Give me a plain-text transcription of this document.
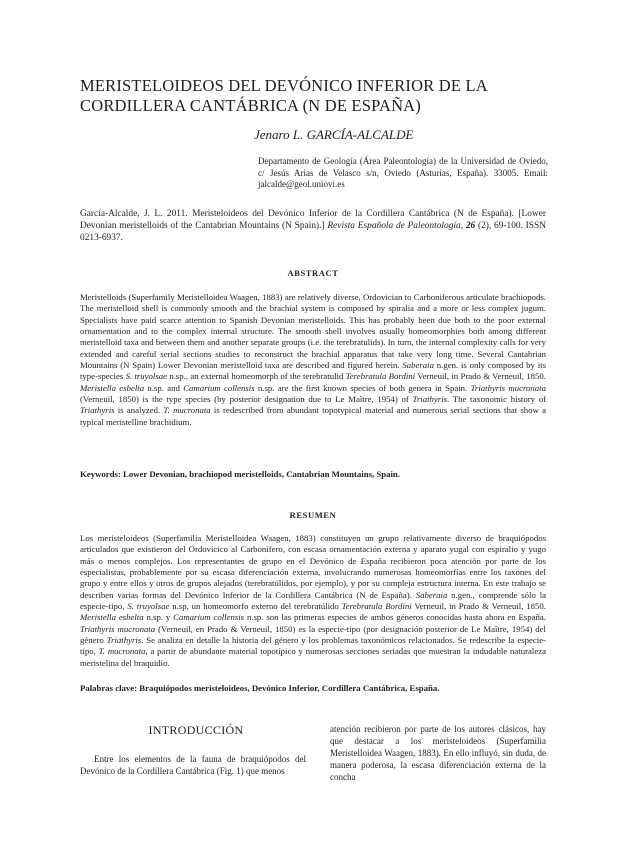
MERISTELOIDEOS DEL DEVÓNICO INFERIOR DE LA CORDILLERA CANTÁBRICA (N DE ESPAÑA)

Jenaro L. GARCÍA-ALCALDE

Departamento de Geología (Área Paleontología) de la Universidad de Oviedo, c/ Jesús Arias de Velasco s/n, Oviedo (Asturias, España). 33005. Email: jalcalde@geol.uniovi.es

García-Alcalde, J. L. 2011. Meristeloideos del Devónico Inferior de la Cordillera Cantábrica (N de España). [Lower Devonian meristelloids of the Cantabrian Mountains (N Spain).] Revista Española de Paleontología, 26 (2), 69-100. ISSN 0213-6937.

ABSTRACT

Meristelloids (Superfamily Meristelloidea Waagen, 1883) are relatively diverse, Ordovician to Carboniferous articulate brachiopods. The meristelloid shell is commonly smooth and the brachial system is composed by spiralia and a more or less complex jugum. Specialists have paid scarce attention to Spanish Devonian meristelloids. This has probably been due both to the poor external ornamentation and to the complex internal structure. The smooth shell involves usually homeomorphies both among different meristelloid taxa and between them and another separate groups (i.e. the terebratulids). In turn, the internal complexity calls for very extended and careful serial sections studies to reconstruct the brachial apparatus that take very long time. Several Cantabrian Mountains (N Spain) Lower Devonian meristelloid taxa are described and figured herein. Saberaia n.gen. is only composed by its type-species S. truyolsae n.sp., an external homeomorph of the terebratulid Terebratula Bordini Verneuil, in Prado & Verneuil, 1850. Meristella esbelta n.sp. and Camarium collensis n.sp. are the first known species of both genera in Spain. Triathyris mucronata (Verneuil, 1850) is the type species (by posterior designation due to Le Maître, 1954) of Triathyris. The taxonomic history of Triathyris is analyzed. T. mucronata is redescribed from abundant topotypical material and numerous serial sections that show a typical meristelline brachidium.

Keywords: Lower Devonian, brachiopod meristelloids, Cantabrian Mountains, Spain.

RESUMEN

Los meristeloideos (Superfamilia Meristelloidea Waagen, 1883) constituyen un grupo relativamente diverso de braquiópodos articulados que existieron del Ordovícico al Carbonífero, con escasa ornamentación externa y aparato yugal con espiralio y yugo más o menos complejos. Los representantes de grupo en el Devónico de España recibieron poca atención por parte de los especialistas, probablemente por su escasa diferenciación externa, involucrando numerosas homeomorfías entre los taxones del grupo y entre ellos y otros de grupos alejados (terebratúlidos, por ejemplo), y por su compleja estructura interna. En este trabajo se describen varias formas del Devónico Inferior de la Cordillera Cantábrica (N de España). Saberaia n.gen., comprende sólo la especie-tipo, S. truyolsae n.sp, un homeomorfo externo del terebratúlido Terebratula Bordini Verneuil, in Prado & Verneuil, 1850. Meristella esbelta n.sp. y Camarium collensis n.sp. son las primeras especies de ambos géneros conocidas hasta ahora en España. Triathyris mucronata (Verneuil, en Prado & Verneuil, 1850) es la especie-tipo (por designación posterior de Le Maître, 1954) del género Triathyris. Se analiza en detalle la historia del género y los problemas taxonómicos relacionados. Se redescribe la especie-tipo, T. mucronata, a partir de abundante material topotípico y numerosas secciones seriadas que muestran la indudable naturaleza meristelina del braquidio.

Palabras clave: Braquiópodos meristeloideos, Devónico Inferior, Cordillera Cantábrica, España.

INTRODUCCIÓN

Entre los elementos de la fauna de braquiópodos del Devónico de la Cordillera Cantábrica (Fig. 1) que menos

atención recibieron por parte de los autores clásicos, hay que destacar a los meristeloideos (Superfamilia Meristelloidea Waagen, 1883). En ello influyó, sin duda, de manera poderosa, la escasa diferenciación externa de la concha
